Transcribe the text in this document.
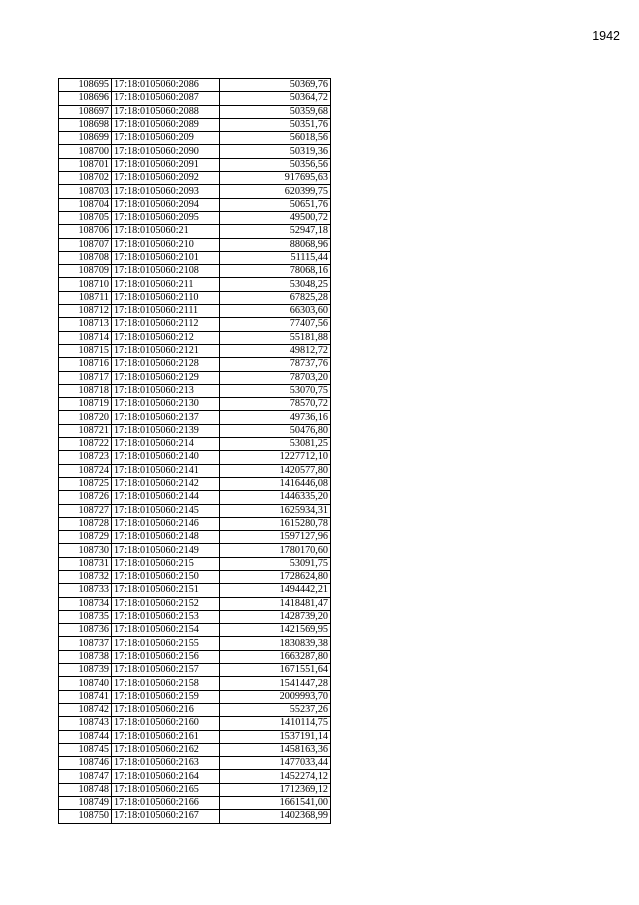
1942
108695	17:18:0105060:2086	50369,76
108696	17:18:0105060:2087	50364,72
108697	17:18:0105060:2088	50359,68
108698	17:18:0105060:2089	50351,76
108699	17:18:0105060:209	56018,56
108700	17:18:0105060:2090	50319,36
108701	17:18:0105060:2091	50356,56
108702	17:18:0105060:2092	917695,63
108703	17:18:0105060:2093	620399,75
108704	17:18:0105060:2094	50651,76
108705	17:18:0105060:2095	49500,72
108706	17:18:0105060:21	52947,18
108707	17:18:0105060:210	88068,96
108708	17:18:0105060:2101	51115,44
108709	17:18:0105060:2108	78068,16
108710	17:18:0105060:211	53048,25
108711	17:18:0105060:2110	67825,28
108712	17:18:0105060:2111	66303,60
108713	17:18:0105060:2112	77407,56
108714	17:18:0105060:212	55181,88
108715	17:18:0105060:2121	49812,72
108716	17:18:0105060:2128	78737,76
108717	17:18:0105060:2129	78703,20
108718	17:18:0105060:213	53070,75
108719	17:18:0105060:2130	78570,72
108720	17:18:0105060:2137	49736,16
108721	17:18:0105060:2139	50476,80
108722	17:18:0105060:214	53081,25
108723	17:18:0105060:2140	1227712,10
108724	17:18:0105060:2141	1420577,80
108725	17:18:0105060:2142	1416446,08
108726	17:18:0105060:2144	1446335,20
108727	17:18:0105060:2145	1625934,31
108728	17:18:0105060:2146	1615280,78
108729	17:18:0105060:2148	1597127,96
108730	17:18:0105060:2149	1780170,60
108731	17:18:0105060:215	53091,75
108732	17:18:0105060:2150	1728624,80
108733	17:18:0105060:2151	1494442,21
108734	17:18:0105060:2152	1418481,47
108735	17:18:0105060:2153	1428739,20
108736	17:18:0105060:2154	1421569,95
108737	17:18:0105060:2155	1830839,38
108738	17:18:0105060:2156	1663287,80
108739	17:18:0105060:2157	1671551,64
108740	17:18:0105060:2158	1541447,28
108741	17:18:0105060:2159	2009993,70
108742	17:18:0105060:216	55237,26
108743	17:18:0105060:2160	1410114,75
108744	17:18:0105060:2161	1537191,14
108745	17:18:0105060:2162	1458163,36
108746	17:18:0105060:2163	1477033,44
108747	17:18:0105060:2164	1452274,12
108748	17:18:0105060:2165	1712369,12
108749	17:18:0105060:2166	1661541,00
108750	17:18:0105060:2167	1402368,99
